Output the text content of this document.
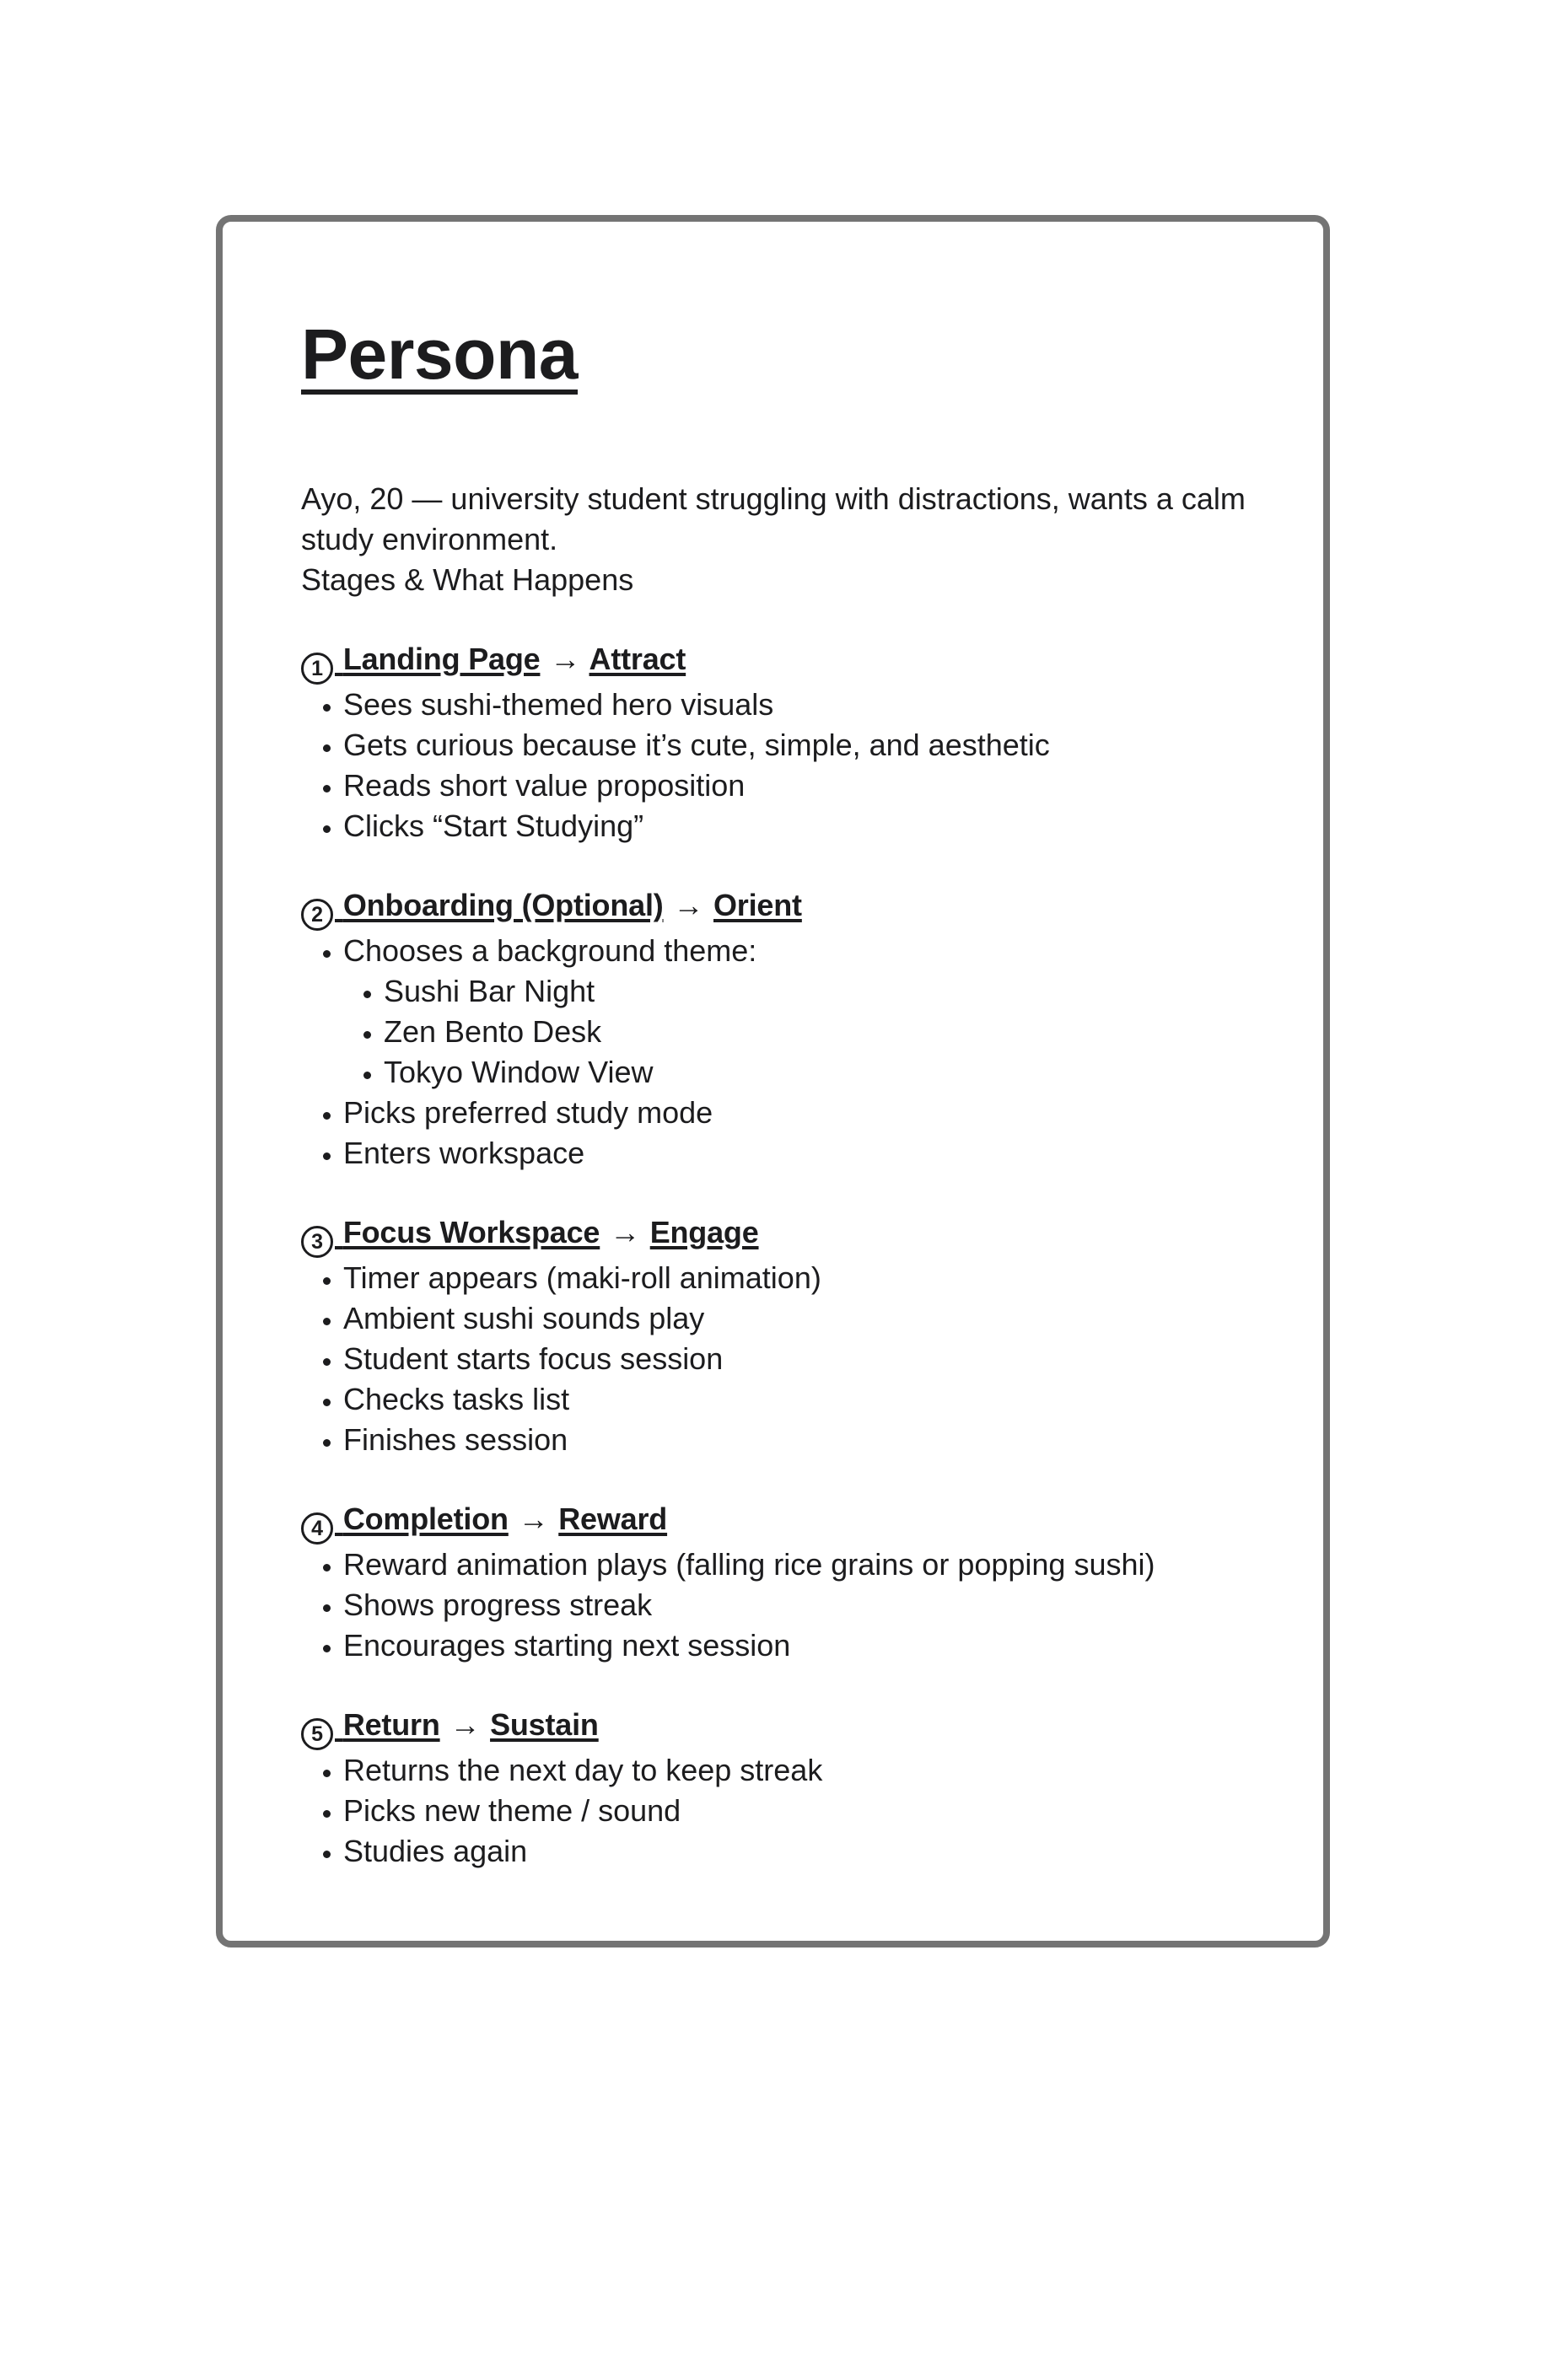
Persona
Ayo, 20 — university student struggling with distractions, wants a calm
study environment.
Stages & What Happens
1 Landing Page → Attract
• Sees sushi-themed hero visuals
• Gets curious because it’s cute, simple, and aesthetic
• Reads short value proposition
• Clicks “Start Studying”
2 Onboarding (Optional) → Orient
• Chooses a background theme:
• Sushi Bar Night
• Zen Bento Desk
• Tokyo Window View
• Picks preferred study mode
• Enters workspace
3 Focus Workspace → Engage
• Timer appears (maki-roll animation)
• Ambient sushi sounds play
• Student starts focus session
• Checks tasks list
• Finishes session
4 Completion → Reward
• Reward animation plays (falling rice grains or popping sushi)
• Shows progress streak
• Encourages starting next session
5 Return → Sustain
• Returns the next day to keep streak
• Picks new theme / sound
• Studies again
